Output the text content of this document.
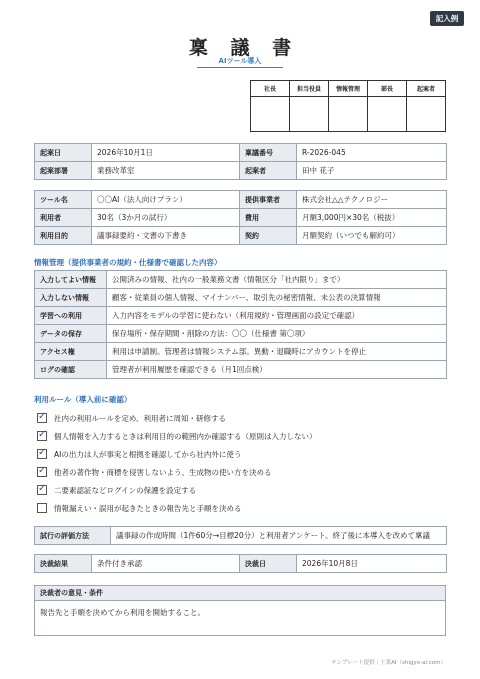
記入例
稟 議 書
AIツール導入
社長	担当役員	情報管理	部長	起案者

起案日	2026年10月1日	稟議番号	R-2026-045
起案部署	業務改革室	起案者	田中 花子
ツール名	〇〇AI（法人向けプラン）	提供事業者	株式会社△△テクノロジー
利用者	30名（3か月の試行）	費用	月額3,000円×30名（税抜）
利用目的	議事録要約・文書の下書き	契約	月額契約（いつでも解約可）
情報管理（提供事業者の規約・仕様書で確認した内容）
入力してよい情報	公開済みの情報、社内の一般業務文書（情報区分「社内限り」まで）
入力しない情報	顧客・従業員の個人情報、マイナンバー、取引先の秘密情報、未公表の決算情報
学習への利用	入力内容をモデルの学習に使わない（利用規約・管理画面の設定で確認）
データの保存	保存場所・保存期間・削除の方法：〇〇（仕様書 第〇項）
アクセス権	利用は申請制。管理者は情報システム部。異動・退職時にアカウントを停止
ログの確認	管理者が利用履歴を確認できる（月1回点検）
利用ルール（導入前に確認）
✓
社内の利用ルールを定め、利用者に周知・研修する
✓
個人情報を入力するときは利用目的の範囲内か確認する（原則は入力しない）
✓
AIの出力は人が事実と根拠を確認してから社内外に使う
✓
他者の著作物・商標を侵害しないよう、生成物の使い方を決める
✓
二要素認証などログインの保護を設定する
情報漏えい・誤用が起きたときの報告先と手順を決める
試行の評価方法	議事録の作成時間（1件60分→目標20分）と利用者アンケート。終了後に本導入を改めて稟議
決裁結果	条件付き承認	決裁日	2026年10月8日
決裁者の意見・条件
報告先と手順を決めてから利用を開始すること。
テンプレート提供｜士業AI（shigyo-ai.com）
